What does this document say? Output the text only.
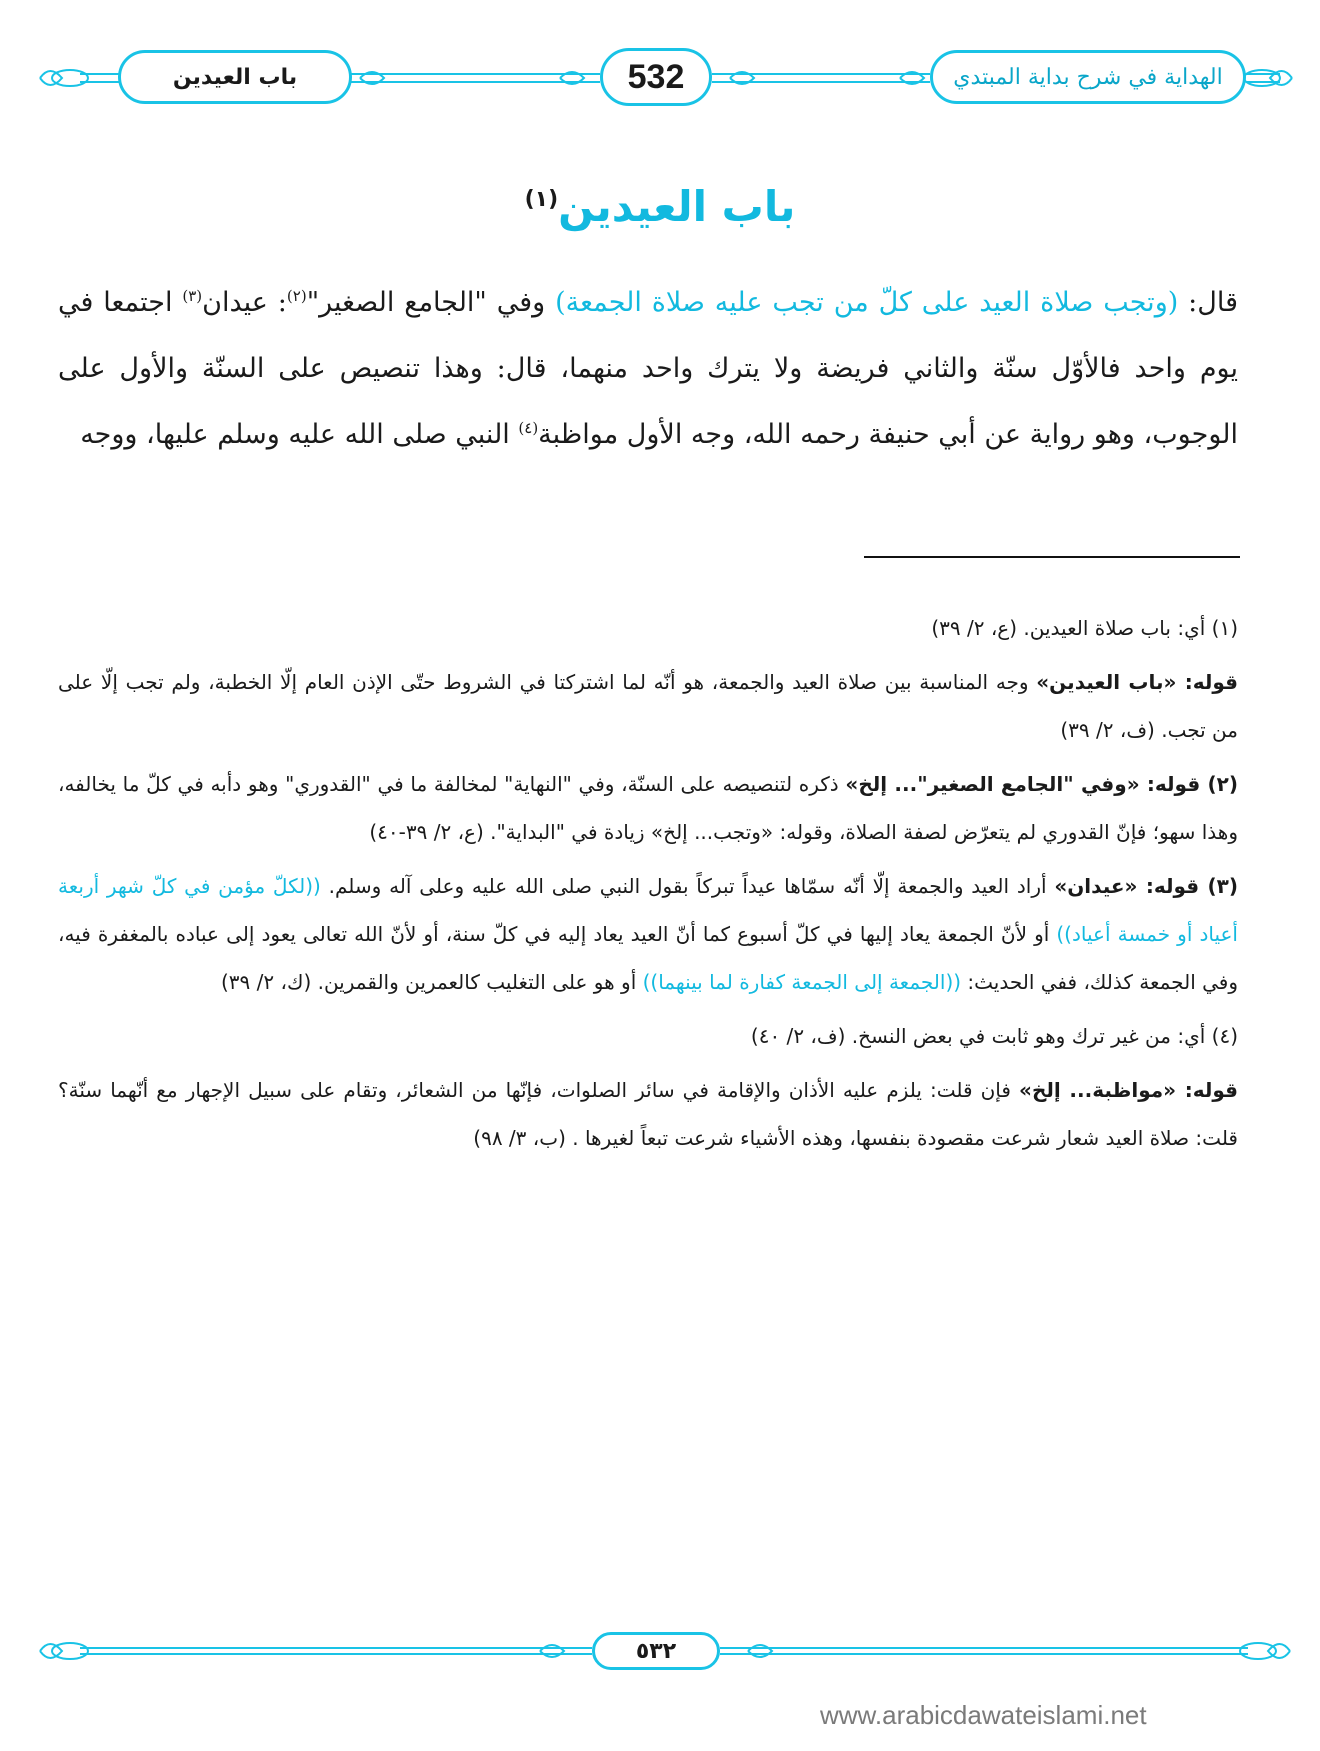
باب العيدين	532	الهداية في شرح بداية المبتدي
باب العيدين$^{(١)}$
قال: (وتجب صلاة العيد على كلّ من تجب عليه صلاة الجمعة) وفي "الجامع الصغير"$^{(٢)}$: عيدان$^{(٣)}$ اجتمعا في يوم واحد فالأوّل سنّة والثاني فريضة ولا يترك واحد منهما، قال: وهذا تنصيص على السنّة والأول على الوجوب، وهو رواية عن أبي حنيفة رحمه الله، وجه الأول مواظبة$^{(٤)}$ النبي صلى الله عليه وسلم عليها، ووجه

(١) أي: باب صلاة العيدين. (ع، ٢/ ٣٩)

قوله: «باب العيدين» وجه المناسبة بين صلاة العيد والجمعة، هو أنّه لما اشتركتا في الشروط حتّى الإذن العام إلّا الخطبة، ولم تجب إلّا على من تجب. (ف، ٢/ ٣٩)

(٢) قوله: «وفي "الجامع الصغير"... إلخ» ذكره لتنصيصه على السنّة، وفي "النهاية" لمخالفة ما في "القدوري" وهو دأبه في كلّ ما يخالفه، وهذا سهو؛ فإنّ القدوري لم يتعرّض لصفة الصلاة، وقوله: «وتجب... إلخ» زيادة في "البداية". (ع، ٢/ ٣٩-٤٠)

(٣) قوله: «عيدان» أراد العيد والجمعة إلّا أنّه سمّاها عيداً تبركاً بقول النبي صلى الله عليه وعلى آله وسلم. ((لكلّ مؤمن في كلّ شهر أربعة أعياد أو خمسة أعياد)) أو لأنّ الجمعة يعاد إليها في كلّ أسبوع كما أنّ العيد يعاد إليه في كلّ سنة، أو لأنّ الله تعالى يعود إلى عباده بالمغفرة فيه، وفي الجمعة كذلك، ففي الحديث: ((الجمعة إلى الجمعة كفارة لما بينهما)) أو هو على التغليب كالعمرين والقمرين. (ك، ٢/ ٣٩)

(٤) أي: من غير ترك وهو ثابت في بعض النسخ. (ف، ٢/ ٤٠)

قوله: «مواظبة... إلخ» فإن قلت: يلزم عليه الأذان والإقامة في سائر الصلوات، فإنّها من الشعائر، وتقام على سبيل الإجهار مع أنّهما سنّة؟ قلت: صلاة العيد شعار شرعت مقصودة بنفسها، وهذه الأشياء شرعت تبعاً لغيرها . (ب، ٣/ ٩٨)

٥٣٢
www.arabicdawateislami.net
